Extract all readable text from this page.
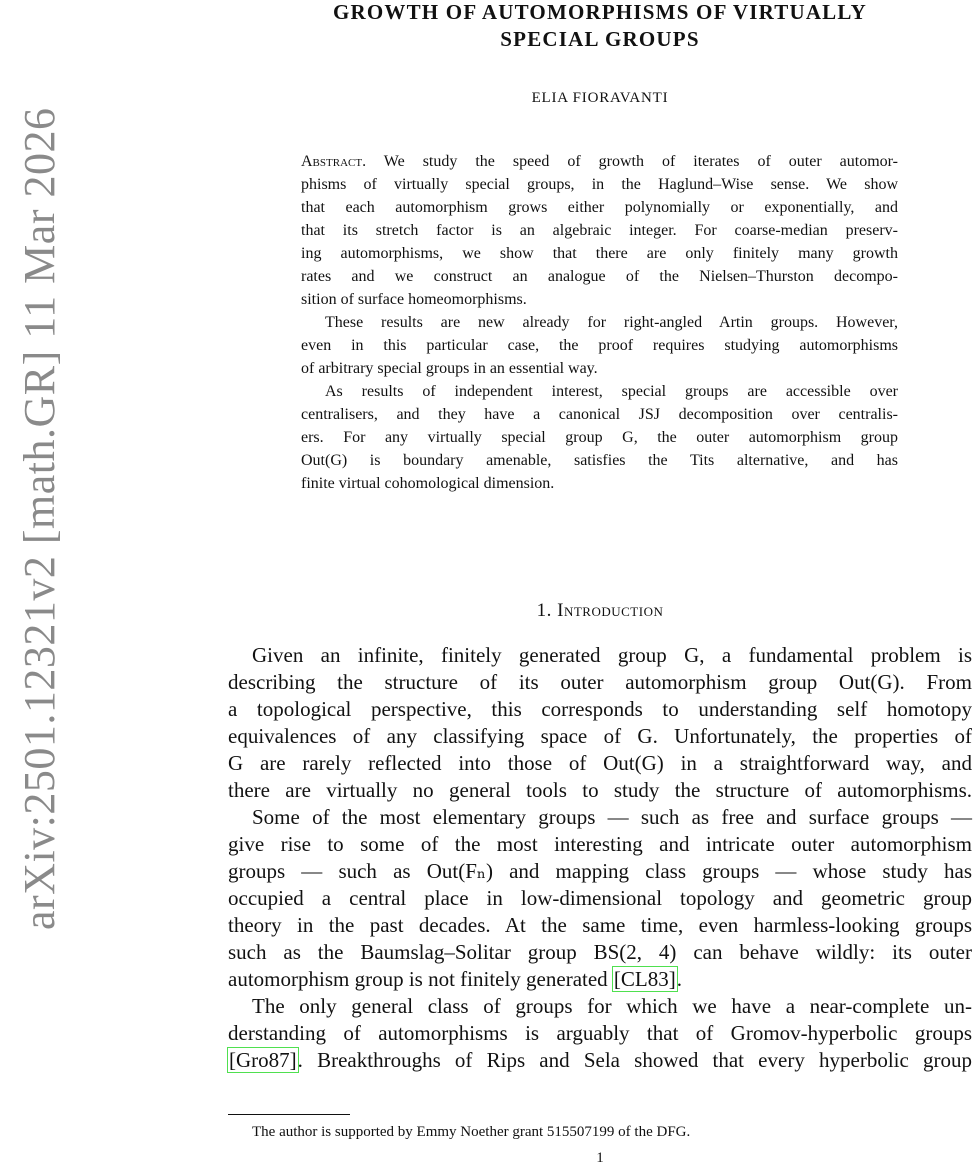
arXiv:2501.12321v2 [math.GR] 11 Mar 2026
GROWTH OF AUTOMORPHISMS OF VIRTUALLY
SPECIAL GROUPS
ELIA FIORAVANTI
Abstract. We study the speed of growth of iterates of outer automor-
phisms of virtually special groups, in the Haglund–Wise sense. We show
that each automorphism grows either polynomially or exponentially, and
that its stretch factor is an algebraic integer. For coarse-median preserv-
ing automorphisms, we show that there are only finitely many growth
rates and we construct an analogue of the Nielsen–Thurston decompo-
sition of surface homeomorphisms.
These results are new already for right-angled Artin groups. However,
even in this particular case, the proof requires studying automorphisms
of arbitrary special groups in an essential way.
As results of independent interest, special groups are accessible over
centralisers, and they have a canonical JSJ decomposition over centralis-
ers. For any virtually special group G, the outer automorphism group
Out(G) is boundary amenable, satisfies the Tits alternative, and has
finite virtual cohomological dimension.
1. Introduction
Given an infinite, finitely generated group G, a fundamental problem is
describing the structure of its outer automorphism group Out(G). From
a topological perspective, this corresponds to understanding self homotopy
equivalences of any classifying space of G. Unfortunately, the properties of
G are rarely reflected into those of Out(G) in a straightforward way, and
there are virtually no general tools to study the structure of automorphisms.
Some of the most elementary groups — such as free and surface groups —
give rise to some of the most interesting and intricate outer automorphism
groups — such as Out(Fₙ) and mapping class groups — whose study has
occupied a central place in low-dimensional topology and geometric group
theory in the past decades. At the same time, even harmless-looking groups
such as the Baumslag–Solitar group BS(2, 4) can behave wildly: its outer
automorphism group is not finitely generated [CL83].
The only general class of groups for which we have a near-complete un-
derstanding of automorphisms is arguably that of Gromov-hyperbolic groups
[Gro87]. Breakthroughs of Rips and Sela showed that every hyperbolic group
The author is supported by Emmy Noether grant 515507199 of the DFG.
1
